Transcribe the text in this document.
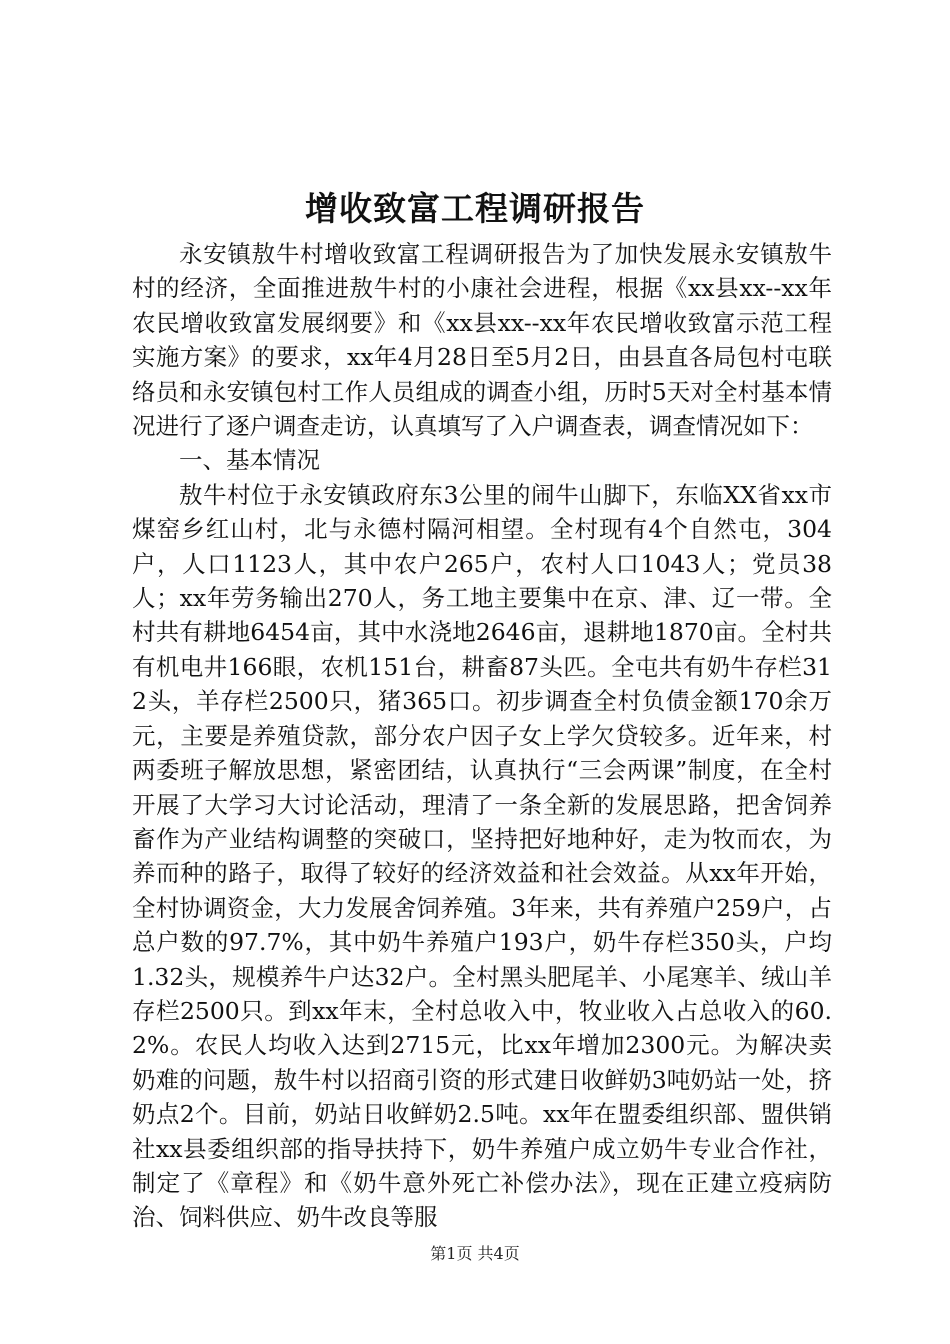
增收致富工程调研报告

永安镇敖牛村增收致富工程调研报告为了加快发展永安镇敖牛村的经济，全面推进敖牛村的小康社会进程，根据《xx县xx--xx年农民增收致富发展纲要》和《xx县xx--xx年农民增收致富示范工程实施方案》的要求，xx年4月28日至5月2日，由县直各局包村屯联络员和永安镇包村工作人员组成的调查小组，历时5天对全村基本情况进行了逐户调查走访，认真填写了入户调查表，调查情况如下：

一、基本情况

敖牛村位于永安镇政府东3公里的闹牛山脚下，东临XX省xx市煤窑乡红山村，北与永德村隔河相望。全村现有4个自然屯，304户，人口1123人，其中农户265户，农村人口1043人；党员38人；xx年劳务输出270人，务工地主要集中在京、津、辽一带。全村共有耕地6454亩，其中水浇地2646亩，退耕地1870亩。全村共有机电井166眼，农机151台，耕畜87头匹。全屯共有奶牛存栏312头，羊存栏2500只，猪365口。初步调查全村负债金额170余万元，主要是养殖贷款，部分农户因子女上学欠贷较多。近年来，村两委班子解放思想，紧密团结，认真执行“三会两课”制度，在全村开展了大学习大讨论活动，理清了一条全新的发展思路，把舍饲养畜作为产业结构调整的突破口，坚持把好地种好，走为牧而农，为养而种的路子，取得了较好的经济效益和社会效益。从xx年开始，全村协调资金，大力发展舍饲养殖。3年来，共有养殖户259户，占总户数的97.7%，其中奶牛养殖户193户，奶牛存栏350头，户均1.32头，规模养牛户达32户。全村黑头肥尾羊、小尾寒羊、绒山羊存栏2500只。到xx年末，全村总收入中，牧业收入占总收入的60.2%。农民人均收入达到2715元，比xx年增加2300元。为解决卖奶难的问题，敖牛村以招商引资的形式建日收鲜奶3吨奶站一处，挤奶点2个。目前，奶站日收鲜奶2.5吨。xx年在盟委组织部、盟供销社xx县委组织部的指导扶持下，奶牛养殖户成立奶牛专业合作社，制定了《章程》和《奶牛意外死亡补偿办法》，现在正建立疫病防治、饲料供应、奶牛改良等服

第1页 共4页
